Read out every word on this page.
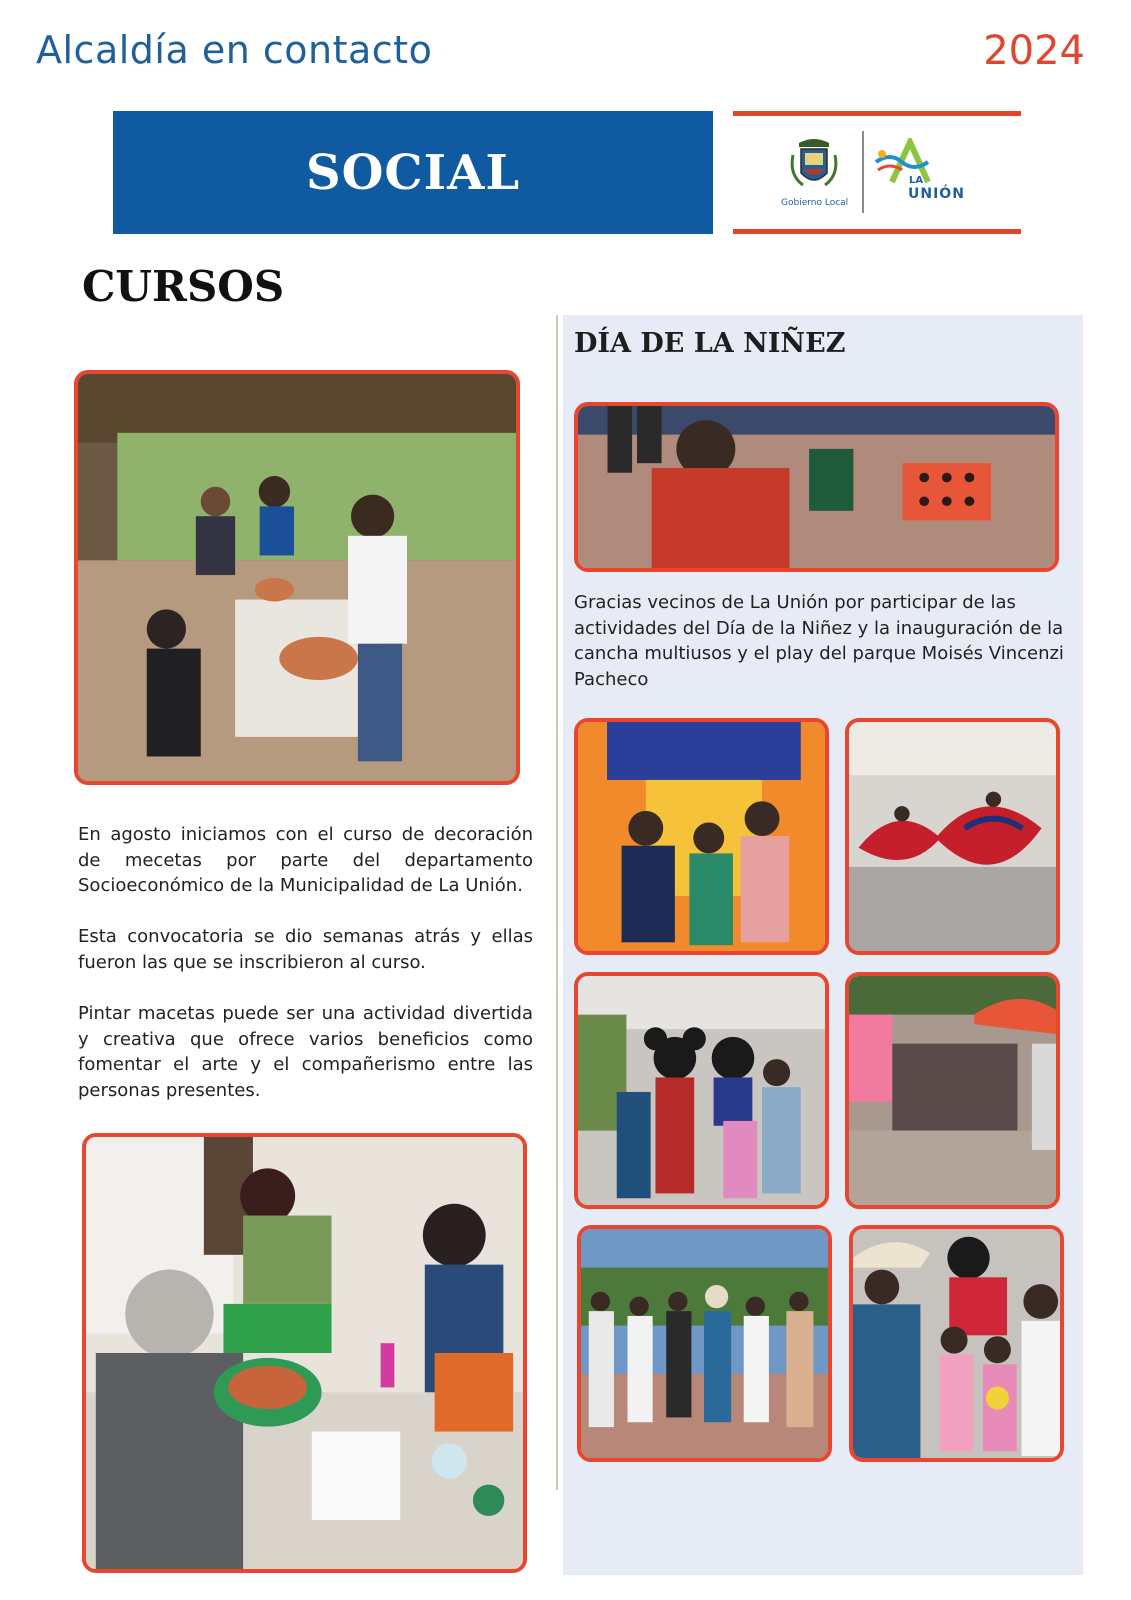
Alcaldía en contacto	2024
SOCIAL
Gobierno Local
LA
UNIÓN
CURSOS
En agosto iniciamos con el curso de decoración de mecetas por parte del departamento Socioeconómico de la Municipalidad de La Unión.
Esta convocatoria se dio semanas atrás y ellas fueron las que se inscribieron al curso.
Pintar macetas puede ser una actividad divertida y creativa que ofrece varios beneficios como fomentar el arte y el compañerismo entre las personas presentes.
DÍA DE LA NIÑEZ
Gracias vecinos de La Unión por participar de las actividades del Día de la Niñez y la inauguración de la cancha multiusos y el play del parque Moisés Vincenzi Pacheco
